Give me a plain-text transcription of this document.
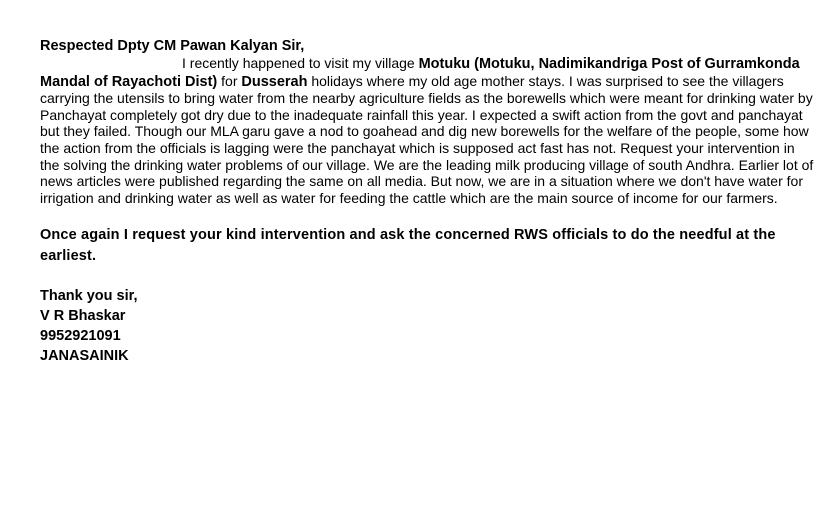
Respected Dpty CM Pawan Kalyan Sir,

I recently happened to visit my village Motuku (Motuku, Nadimikandriga Post of Gurramkonda Mandal of Rayachoti Dist) for Dusserah holidays where my old age mother stays. I was surprised to see the villagers carrying the utensils to bring water from the nearby agriculture fields as the borewells which were meant for drinking water by Panchayat completely got dry due to the inadequate rainfall this year. I expected a swift action from the govt and panchayat but they failed. Though our MLA garu gave a nod to goahead and dig new borewells for the welfare of the people, some how the action from the officials is lagging were the panchayat which is supposed act fast has not. Request your intervention in the solving the drinking water problems of our village. We are the leading milk producing village of south Andhra. Earlier lot of news articles were published regarding the same on all media. But now, we are in a situation where we don't have water for irrigation and drinking water as well as water for feeding the cattle which are the main source of income for our farmers.

Once again I request your kind intervention and ask the concerned RWS officials to do the needful at the earliest.

Thank you sir,
V R Bhaskar
9952921091
JANASAINIK
